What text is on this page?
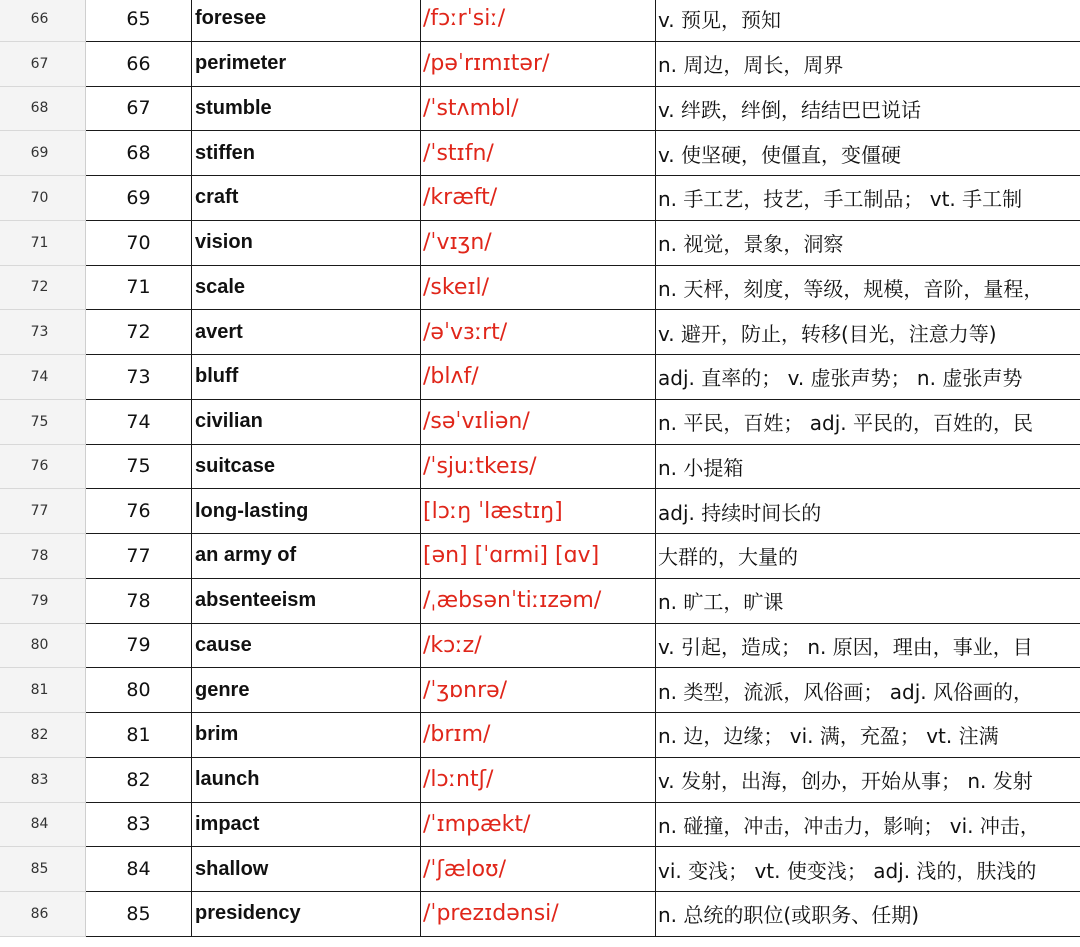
66	65	foresee	/fɔːrˈsiː/	v. 预见，预知
67	66	perimeter	/pəˈrɪmɪtər/	n. 周边，周长，周界
68	67	stumble	/ˈstʌmbl/	v. 绊跌，绊倒，结结巴巴说话
69	68	stiffen	/ˈstɪfn/	v. 使坚硬，使僵直，变僵硬
70	69	craft	/kræft/	n. 手工艺，技艺，手工制品； vt. 手工制
71	70	vision	/ˈvɪʒn/	n. 视觉，景象，洞察
72	71	scale	/skeɪl/	n. 天枰，刻度，等级，规模，音阶，量程，
73	72	avert	/əˈvɜːrt/	v. 避开，防止，转移(目光，注意力等)
74	73	bluff	/blʌf/	adj. 直率的； v. 虚张声势； n. 虚张声势
75	74	civilian	/səˈvɪliən/	n. 平民，百姓； adj. 平民的，百姓的，民
76	75	suitcase	/ˈsjuːtkeɪs/	n. 小提箱
77	76	long-lasting	[lɔːŋ ˈlæstɪŋ]	adj. 持续时间长的
78	77	an army of	[ən] [ˈɑrmi] [ɑv]	大群的，大量的
79	78	absenteeism	/ˌæbsənˈtiːɪzəm/	n. 旷工，旷课
80	79	cause	/kɔːz/	v. 引起，造成； n. 原因，理由，事业，目
81	80	genre	/ˈʒɒnrə/	n. 类型，流派，风俗画； adj. 风俗画的，
82	81	brim	/brɪm/	n. 边，边缘； vi. 满，充盈； vt. 注满
83	82	launch	/lɔːntʃ/	v. 发射，出海，创办，开始从事； n. 发射
84	83	impact	/ˈɪmpækt/	n. 碰撞，冲击，冲击力，影响； vi. 冲击，
85	84	shallow	/ˈʃæloʊ/	vi. 变浅； vt. 使变浅； adj. 浅的，肤浅的
86	85	presidency	/ˈprezɪdənsi/	n. 总统的职位(或职务、任期)
